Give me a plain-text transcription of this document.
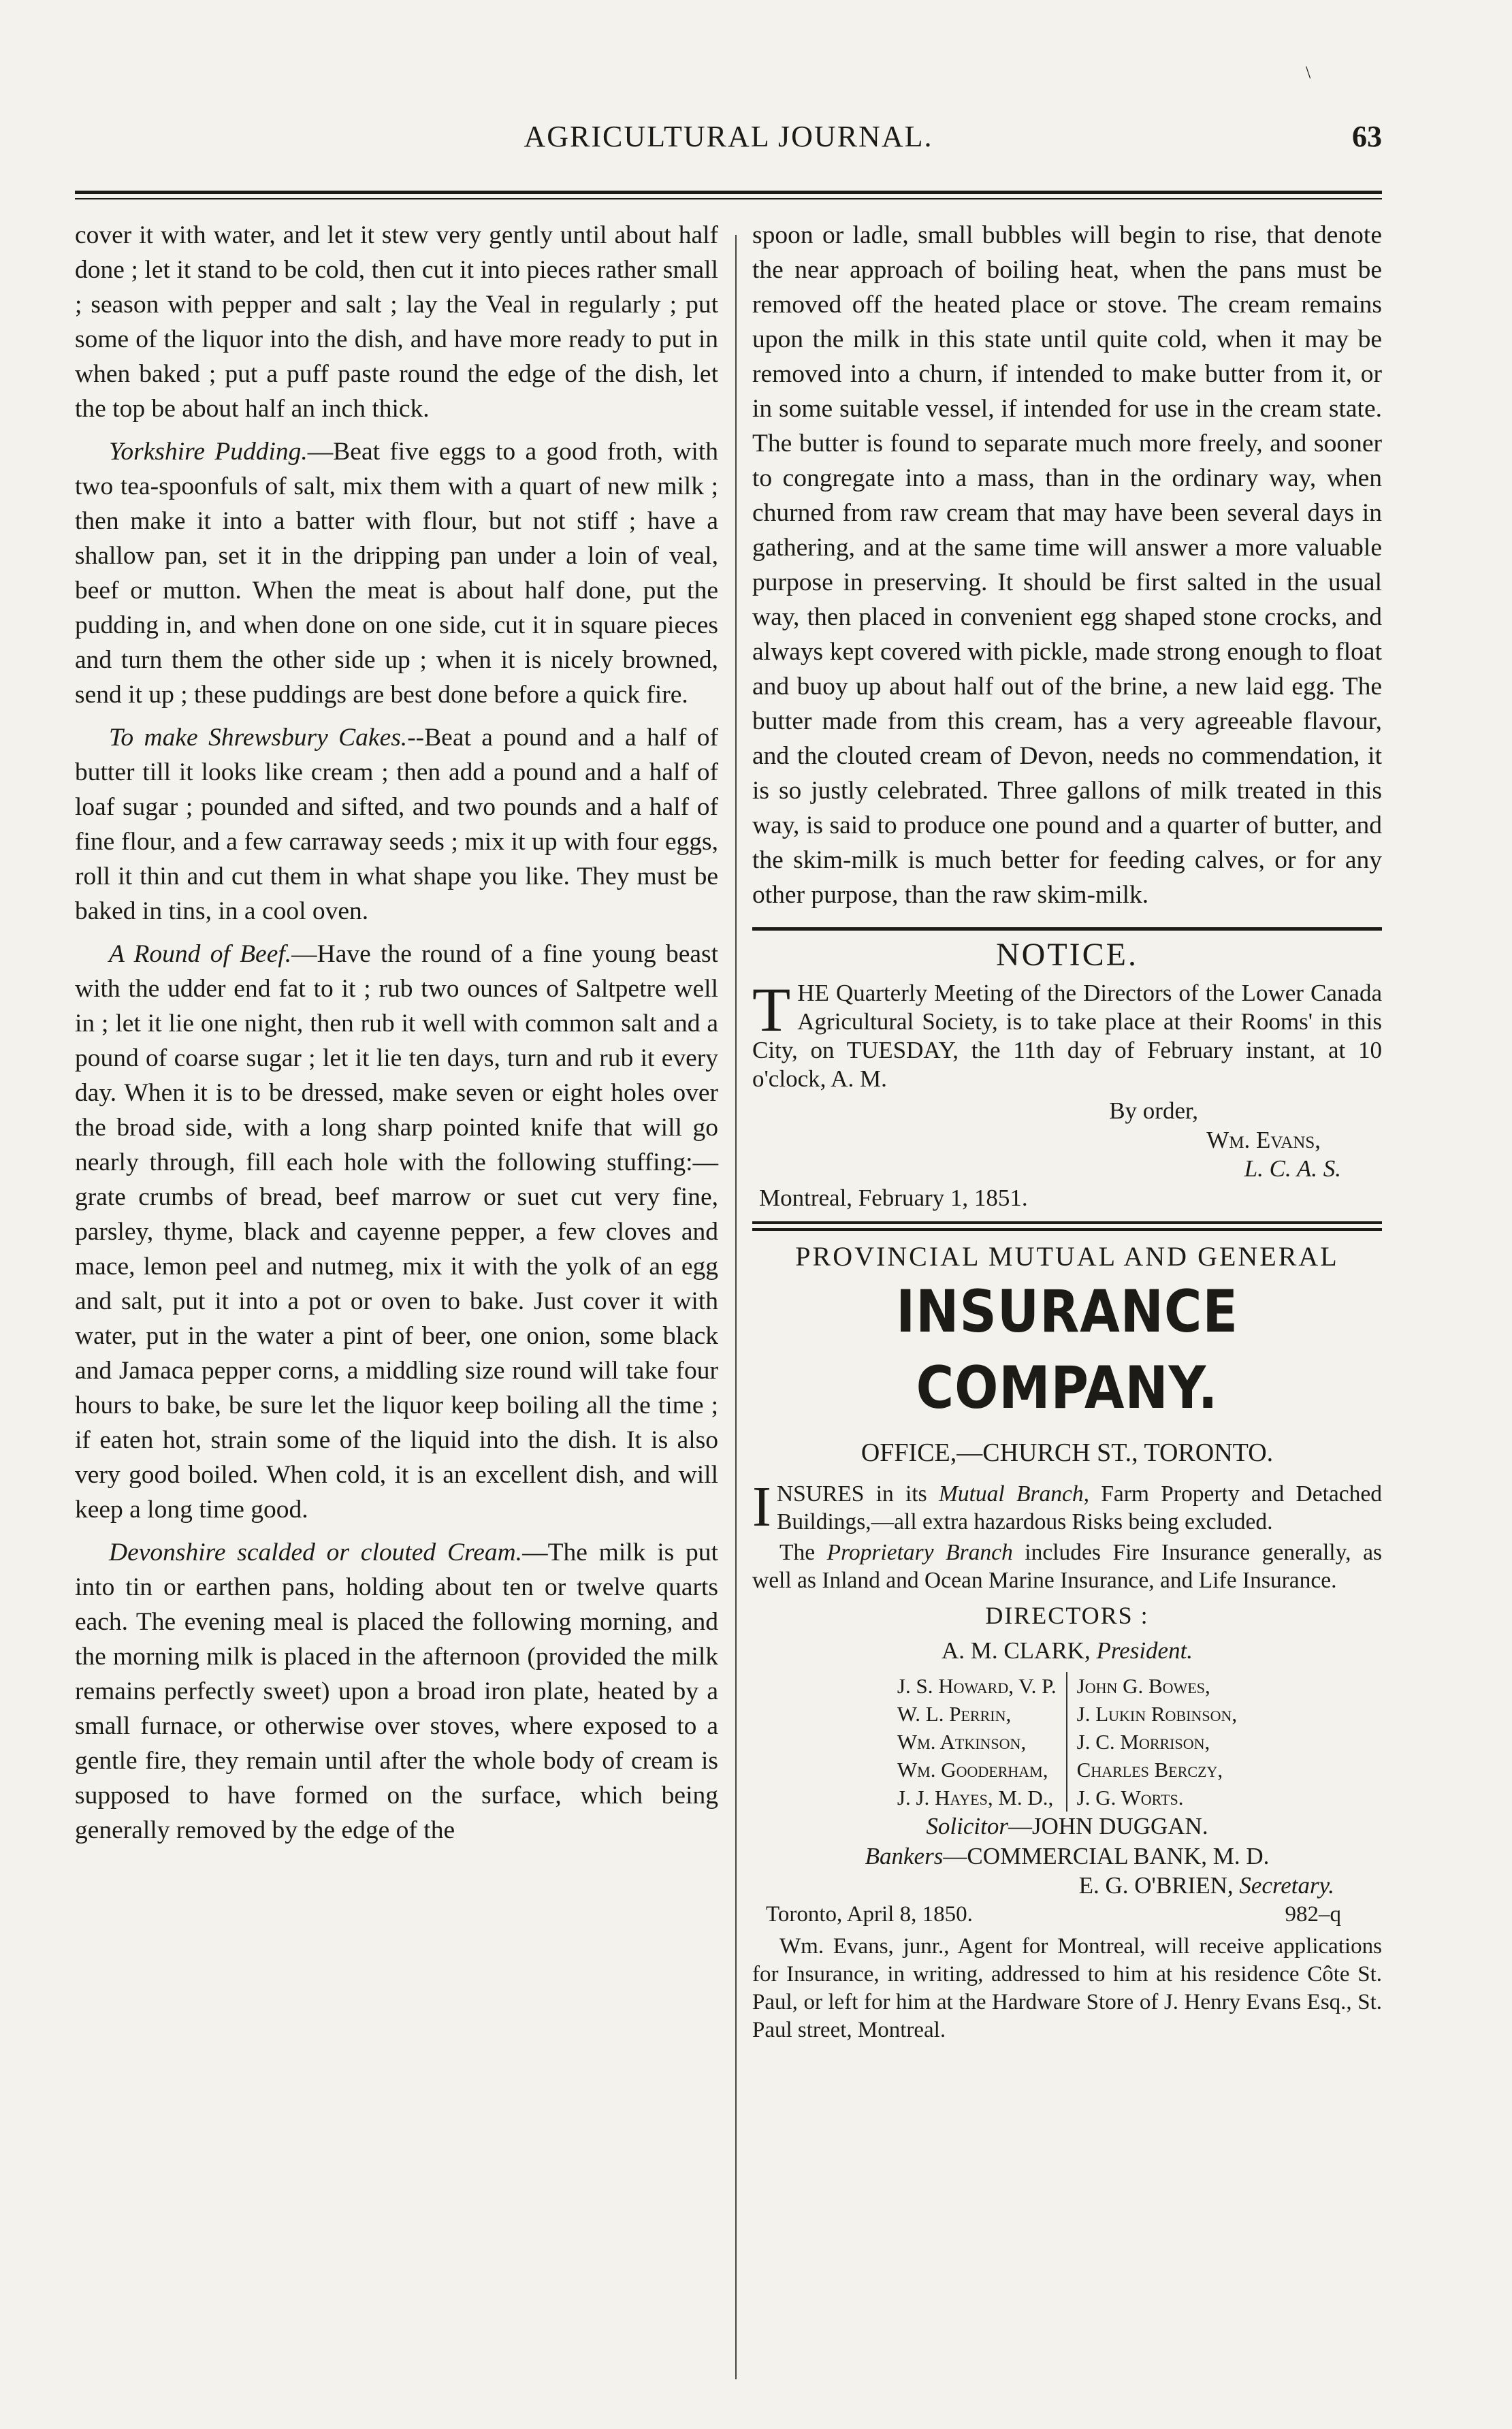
\
AGRICULTURAL JOURNAL.	63

cover it with water, and let it stew very gently until about half done ; let it stand to be cold, then cut it into pieces rather small ; season with pepper and salt ; lay the Veal in regularly ; put some of the liquor into the dish, and have more ready to put in when baked ; put a puff paste round the edge of the dish, let the top be about half an inch thick.

Yorkshire Pudding.—Beat five eggs to a good froth, with two tea-spoonfuls of salt, mix them with a quart of new milk ; then make it into a batter with flour, but not stiff ; have a shallow pan, set it in the dripping pan under a loin of veal, beef or mutton. When the meat is about half done, put the pudding in, and when done on one side, cut it in square pieces and turn them the other side up ; when it is nicely browned, send it up ; these puddings are best done before a quick fire.

To make Shrewsbury Cakes.--Beat a pound and a half of butter till it looks like cream ; then add a pound and a half of loaf sugar ; pounded and sifted, and two pounds and a half of fine flour, and a few carraway seeds ; mix it up with four eggs, roll it thin and cut them in what shape you like. They must be baked in tins, in a cool oven.

A Round of Beef.—Have the round of a fine young beast with the udder end fat to it ; rub two ounces of Saltpetre well in ; let it lie one night, then rub it well with common salt and a pound of coarse sugar ; let it lie ten days, turn and rub it every day. When it is to be dressed, make seven or eight holes over the broad side, with a long sharp pointed knife that will go nearly through, fill each hole with the following stuffing:—grate crumbs of bread, beef marrow or suet cut very fine, parsley, thyme, black and cayenne pepper, a few cloves and mace, lemon peel and nutmeg, mix it with the yolk of an egg and salt, put it into a pot or oven to bake. Just cover it with water, put in the water a pint of beer, one onion, some black and Jamaca pepper corns, a middling size round will take four hours to bake, be sure let the liquor keep boiling all the time ; if eaten hot, strain some of the liquid into the dish. It is also very good boiled. When cold, it is an excellent dish, and will keep a long time good.

Devonshire scalded or clouted Cream.—The milk is put into tin or earthen pans, holding about ten or twelve quarts each. The evening meal is placed the following morning, and the morning milk is placed in the afternoon (provided the milk remains perfectly sweet) upon a broad iron plate, heated by a small furnace, or otherwise over stoves, where exposed to a gentle fire, they remain until after the whole body of cream is supposed to have formed on the surface, which being generally removed by the edge of the

spoon or ladle, small bubbles will begin to rise, that denote the near approach of boiling heat, when the pans must be removed off the heated place or stove. The cream remains upon the milk in this state until quite cold, when it may be removed into a churn, if intended to make butter from it, or in some suitable vessel, if intended for use in the cream state. The butter is found to separate much more freely, and sooner to congregate into a mass, than in the ordinary way, when churned from raw cream that may have been several days in gathering, and at the same time will answer a more valuable purpose in preserving. It should be first salted in the usual way, then placed in convenient egg shaped stone crocks, and always kept covered with pickle, made strong enough to float and buoy up about half out of the brine, a new laid egg. The butter made from this cream, has a very agreeable flavour, and the clouted cream of Devon, needs no commendation, it is so justly celebrated. Three gallons of milk treated in this way, is said to produce one pound and a quarter of butter, and the skim-milk is much better for feeding calves, or for any other purpose, than the raw skim-milk.

NOTICE.
THE Quarterly Meeting of the Directors of the Lower Canada Agricultural Society, is to take place at their Rooms' in this City, on TUESDAY, the 11th day of February instant, at 10 o'clock, A. M.
By order,
Wm. Evans,
L. C. A. S.
Montreal, February 1, 1851.
PROVINCIAL MUTUAL AND GENERAL
INSURANCE COMPANY.
OFFICE,—CHURCH ST., TORONTO.

INSURES in its Mutual Branch, Farm Property and Detached Buildings,—all extra hazardous Risks being excluded.

The Proprietary Branch includes Fire Insurance generally, as well as Inland and Ocean Marine Insurance, and Life Insurance.

DIRECTORS :
A. M. CLARK, President.
J. S. Howard, V. P.
W. L. Perrin,
Wm. Atkinson,
Wm. Gooderham,
J. J. Hayes, M. D.,
John G. Bowes,
J. Lukin Robinson,
J. C. Morrison,
Charles Berczy,
J. G. Worts.
Solicitor—JOHN DUGGAN.
Bankers—COMMERCIAL BANK, M. D.
E. G. O'BRIEN, Secretary.
Toronto, April 8, 1850.	982–q
Wm. Evans, junr., Agent for Montreal, will receive applications for Insurance, in writing, addressed to him at his residence Côte St. Paul, or left for him at the Hardware Store of J. Henry Evans Esq., St. Paul street, Montreal.
